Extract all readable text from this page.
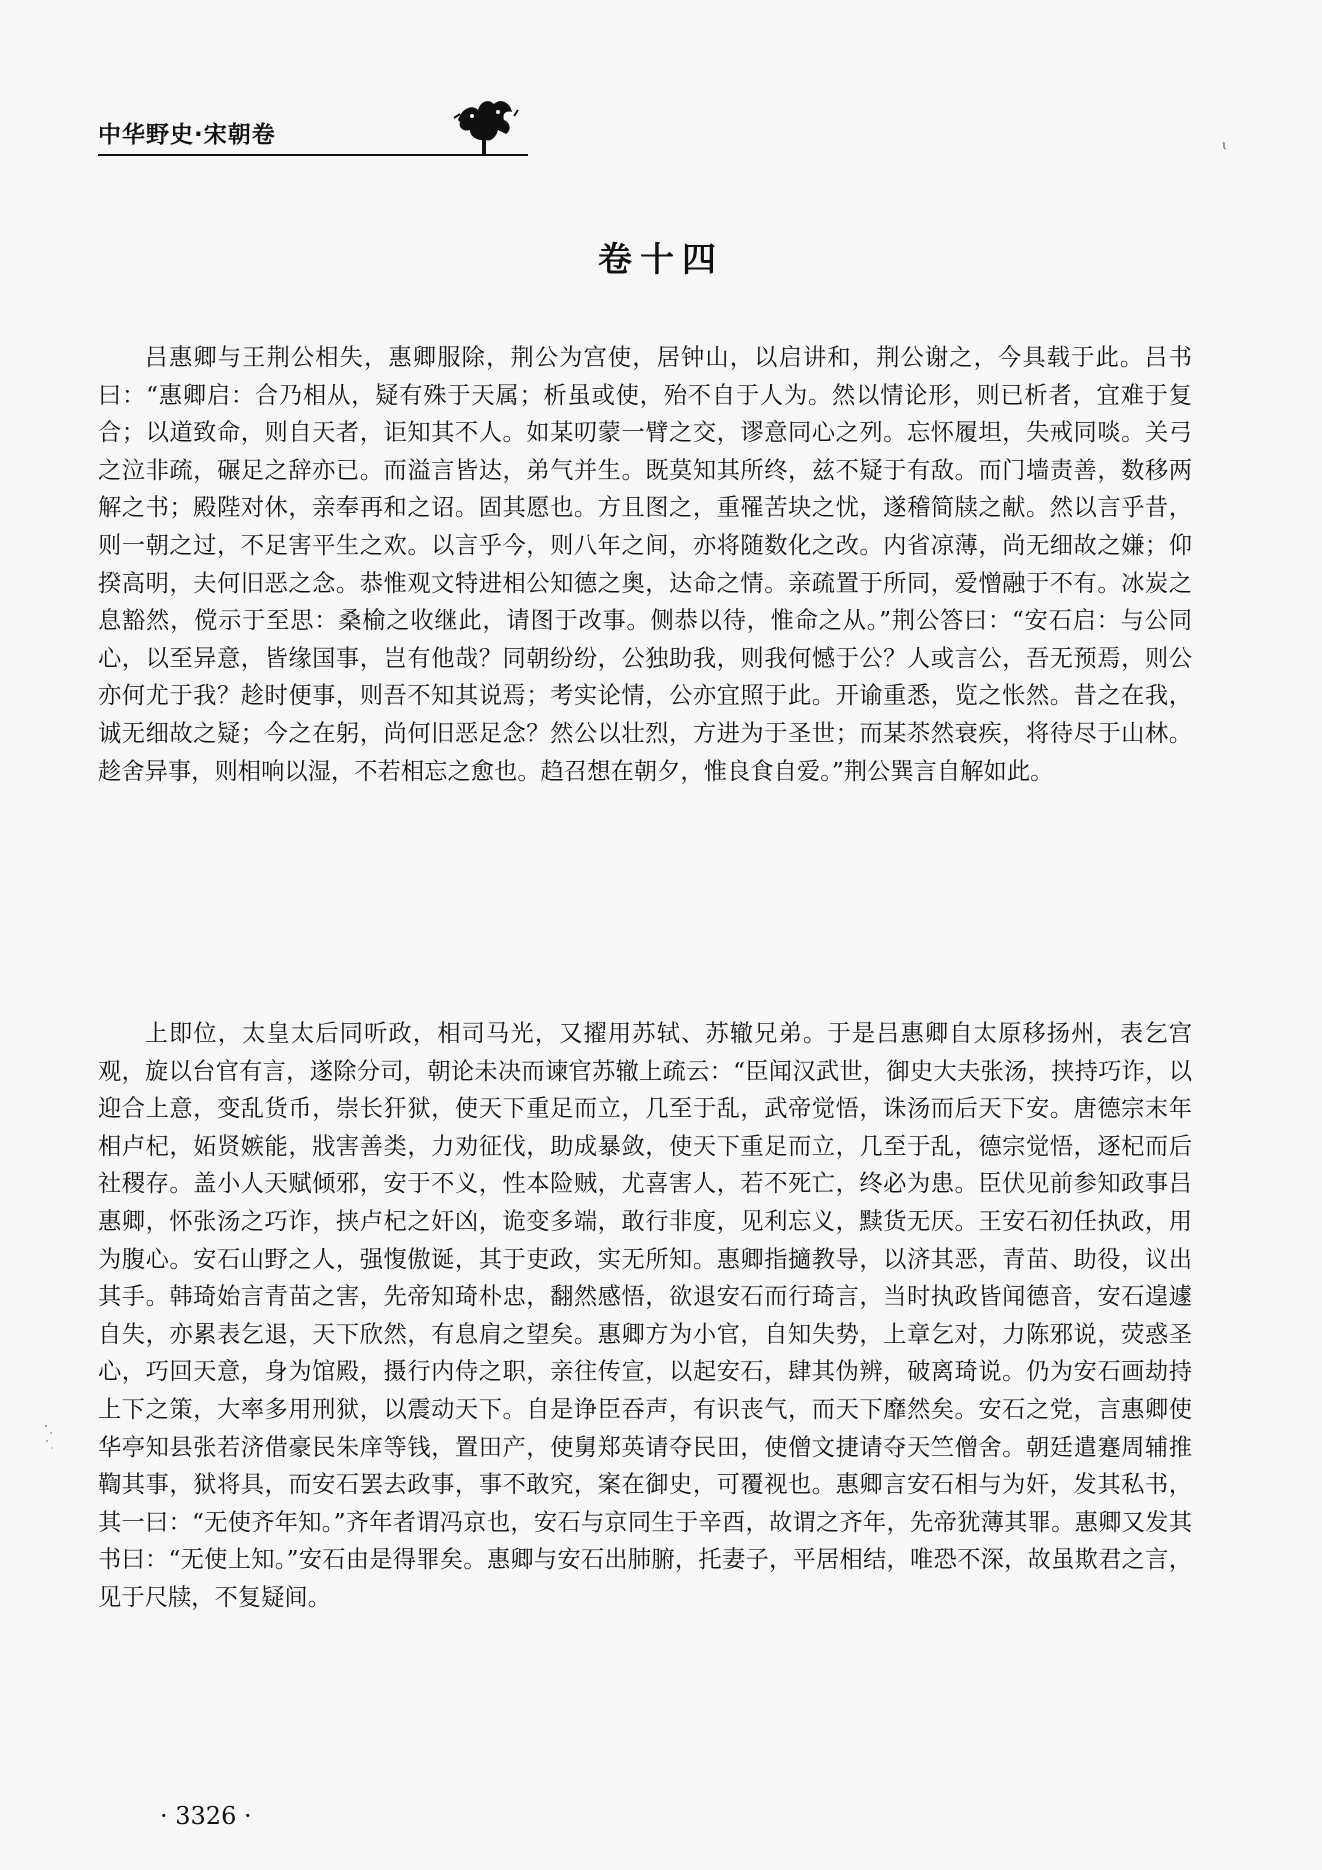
中华野史·宋朝卷	ι
卷十四

吕惠卿与王荆公相失，惠卿服除，荆公为宫使，居钟山，以启讲和，荆公谢之，今具载于此。吕书曰：“惠卿启：合乃相从，疑有殊于天属；析虽或使，殆不自于人为。然以情论形，则已析者，宜难于复合；以道致命，则自天者，讵知其不人。如某叨蒙一臂之交，谬意同心之列。忘怀履坦，失戒同啖。关弓之泣非疏，碾足之辞亦已。而溢言皆达，弟气并生。既莫知其所终，兹不疑于有敌。而门墙责善，数移两解之书；殿陛对休，亲奉再和之诏。固其愿也。方且图之，重罹苦块之忧，遂稽简牍之献。然以言乎昔，则一朝之过，不足害平生之欢。以言乎今，则八年之间，亦将随数化之改。内省凉薄，尚无细故之嫌；仰揆高明，夫何旧恶之念。恭惟观文特进相公知德之奥，达命之情。亲疏置于所同，爱憎融于不有。冰炭之息豁然，傥示于至思：桑榆之收继此，请图于改事。侧恭以待，惟命之从。”荆公答曰：“安石启：与公同心，以至异意，皆缘国事，岂有他哉？同朝纷纷，公独助我，则我何憾于公？人或言公，吾无预焉，则公亦何尤于我？趁时便事，则吾不知其说焉；考实论情，公亦宜照于此。开谕重悉，览之怅然。昔之在我，诚无细故之疑；今之在躬，尚何旧恶足念？然公以壮烈，方进为于圣世；而某苶然衰疾，将待尽于山林。趁舍异事，则相响以湿，不若相忘之愈也。趋召想在朝夕，惟良食自爱。”荆公巽言自解如此。

上即位，太皇太后同听政，相司马光，又擢用苏轼、苏辙兄弟。于是吕惠卿自太原移扬州，表乞宫观，旋以台官有言，遂除分司，朝论未决而谏官苏辙上疏云：“臣闻汉武世，御史大夫张汤，挟持巧诈，以迎合上意，变乱货币，崇长犴狱，使天下重足而立，几至于乱，武帝觉悟，诛汤而后天下安。唐德宗末年相卢杞，妬贤嫉能，戕害善类，力劝征伐，助成暴敛，使天下重足而立，几至于乱，德宗觉悟，逐杞而后社稷存。盖小人天赋倾邪，安于不义，性本险贼，尤喜害人，若不死亡，终必为患。臣伏见前参知政事吕惠卿，怀张汤之巧诈，挟卢杞之奸凶，诡变多端，敢行非度，见利忘义，黩货无厌。王安石初任执政，用为腹心。安石山野之人，强愎傲诞，其于吏政，实无所知。惠卿指擿教导，以济其恶，青苗、助役，议出其手。韩琦始言青苗之害，先帝知琦朴忠，翻然感悟，欲退安石而行琦言，当时执政皆闻德音，安石遑遽自失，亦累表乞退，天下欣然，有息肩之望矣。惠卿方为小官，自知失势，上章乞对，力陈邪说，荧惑圣心，巧回天意，身为馆殿，摄行内侍之职，亲往传宣，以起安石，肆其伪辨，破离琦说。仍为安石画劫持上下之策，大率多用刑狱，以震动天下。自是诤臣吞声，有识丧气，而天下靡然矣。安石之党，言惠卿使华亭知县张若济借豪民朱庠等钱，置田产，使舅郑英请夺民田，使僧文捷请夺天竺僧舍。朝廷遣蹇周辅推鞫其事，狱将具，而安石罢去政事，事不敢究，案在御史，可覆视也。惠卿言安石相与为奸，发其私书，其一曰：“无使齐年知。”齐年者谓冯京也，安石与京同生于辛酉，故谓之齐年，先帝犹薄其罪。惠卿又发其书曰：“无使上知。”安石由是得罪矣。惠卿与安石出肺腑，托妻子，平居相结，唯恐不深，故虽欺君之言，见于尺牍，不复疑间。

· 3326 ·
